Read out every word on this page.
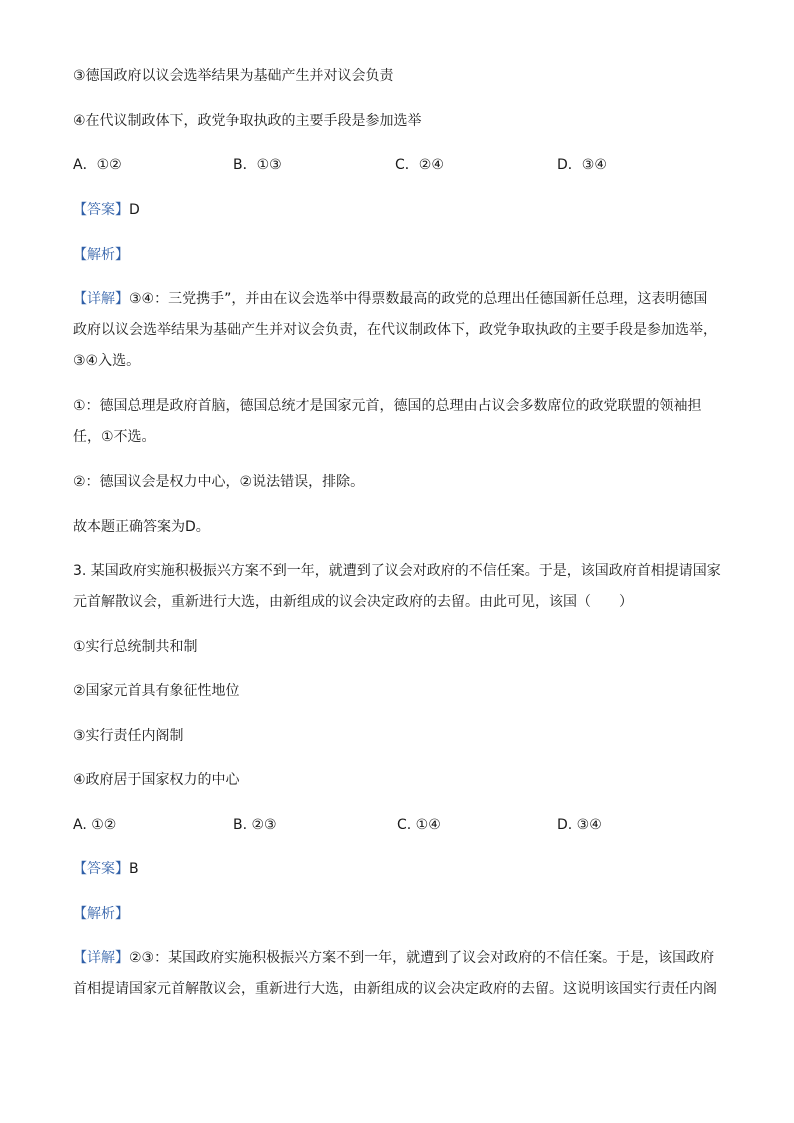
③德国政府以议会选举结果为基础产生并对议会负责
④在代议制政体下，政党争取执政的主要手段是参加选举
A．①②	B．①③	C．②④	D．③④
【答案】D
【解析】
【详解】③④：三党携手”，并由在议会选举中得票数最高的政党的总理出任德国新任总理，这表明德国
政府以议会选举结果为基础产生并对议会负责，在代议制政体下，政党争取执政的主要手段是参加选举，
③④入选。
①：德国总理是政府首脑，德国总统才是国家元首，德国的总理由占议会多数席位的政党联盟的领袖担
任，①不选。
②：德国议会是权力中心，②说法错误，排除。
故本题正确答案为D。
3. 某国政府实施积极振兴方案不到一年，就遭到了议会对政府的不信任案。于是，该国政府首相提请国家
元首解散议会，重新进行大选，由新组成的议会决定政府的去留。由此可见，该国（　　）
①实行总统制共和制
②国家元首具有象征性地位
③实行责任内阁制
④政府居于国家权力的中心
A. ①②	B. ②③	C. ①④	D. ③④
【答案】B
【解析】
【详解】②③：某国政府实施积极振兴方案不到一年，就遭到了议会对政府的不信任案。于是，该国政府
首相提请国家元首解散议会，重新进行大选，由新组成的议会决定政府的去留。这说明该国实行责任内阁
